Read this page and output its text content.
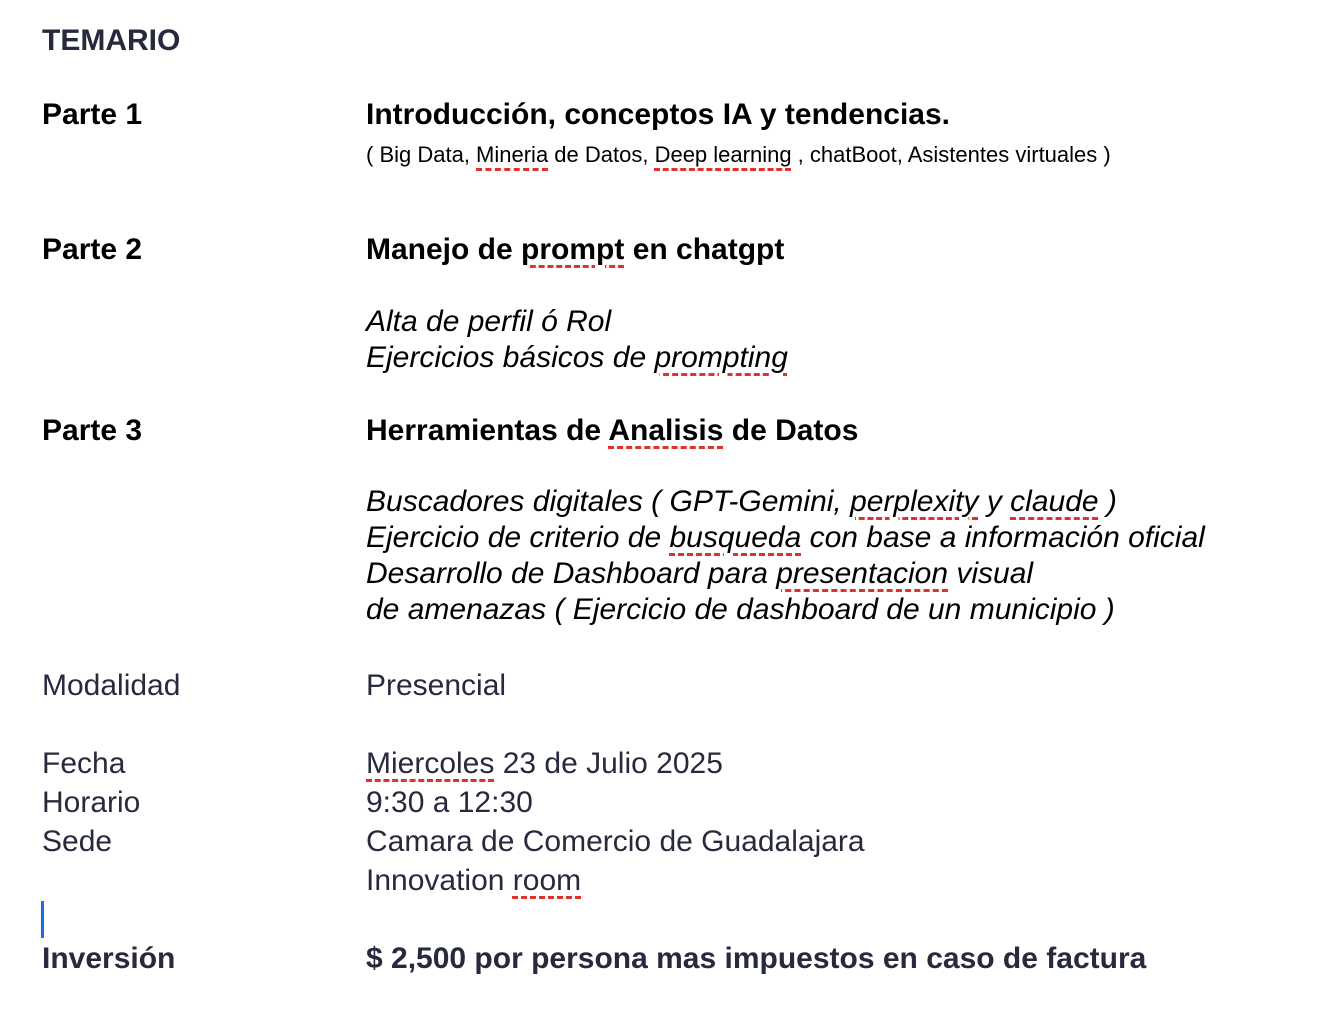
TEMARIO
Parte 1	Introducción, conceptos IA y tendencias.
( Big Data, Mineria de Datos, Deep learning , chatBoot, Asistentes virtuales )
Parte 2	Manejo de prompt en chatgpt
Alta de perfil ó Rol
Ejercicios básicos de prompting
Parte 3	Herramientas de Analisis de Datos
Buscadores digitales ( GPT-Gemini, perplexity y claude )
Ejercicio de criterio de busqueda con base a información oficial
Desarrollo de Dashboard para presentacion visual
de amenazas ( Ejercicio de dashboard de un municipio )
Modalidad	Presencial
Fecha	Miercoles 23 de Julio 2025
Horario	9:30 a 12:30
Sede	Camara de Comercio de Guadalajara
Innovation room
Inversión	$ 2,500 por persona mas impuestos en caso de factura
